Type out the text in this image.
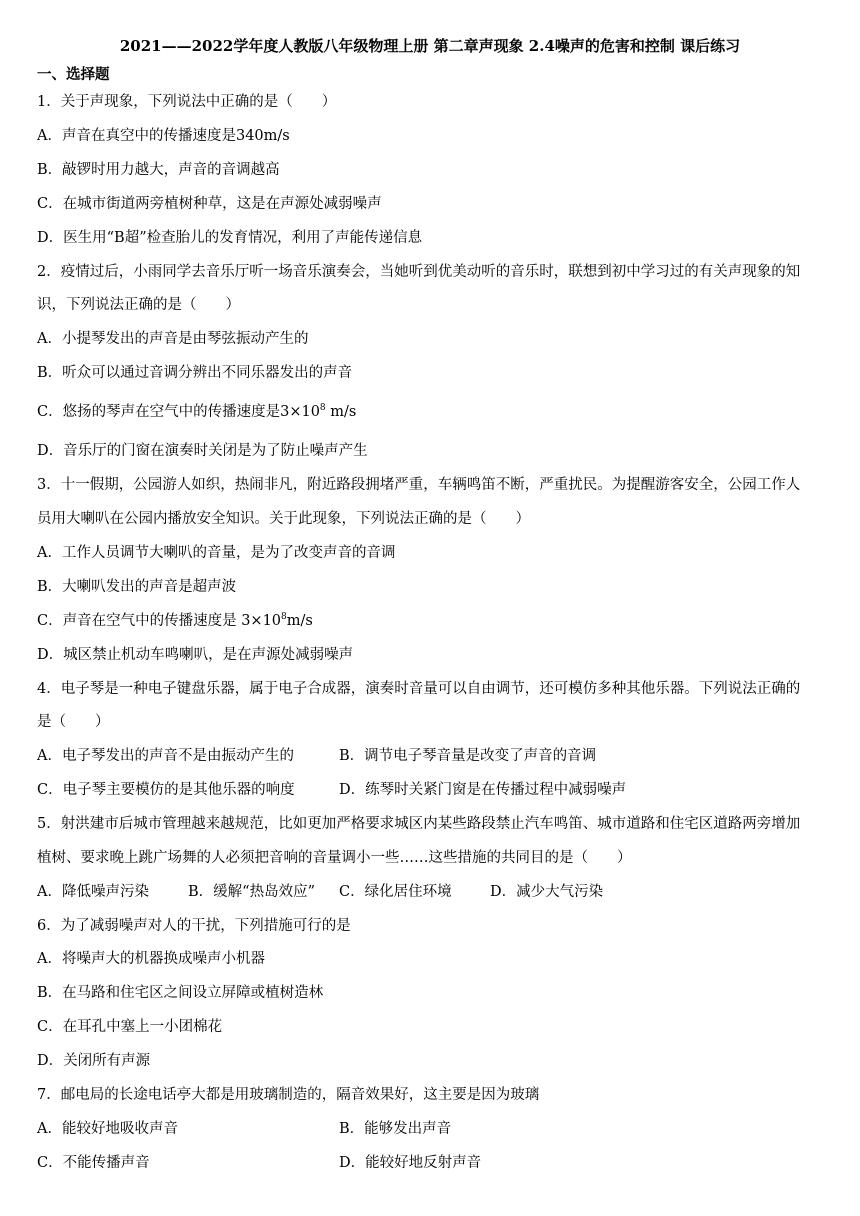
2021——2022学年度人教版八年级物理上册 第二章声现象 2.4噪声的危害和控制 课后练习
一、选择题
1．关于声现象，下列说法中正确的是（　　）
A．声音在真空中的传播速度是340m/s
B．敲锣时用力越大，声音的音调越高
C．在城市街道两旁植树种草，这是在声源处减弱噪声
D．医生用“B超”检查胎儿的发育情况，利用了声能传递信息
2．疫情过后，小雨同学去音乐厅听一场音乐演奏会，当她听到优美动听的音乐时，联想到初中学习过的有关声现象的知
识，下列说法正确的是（　　）
A．小提琴发出的声音是由琴弦振动产生的
B．听众可以通过音调分辨出不同乐器发出的声音
C．悠扬的琴声在空气中的传播速度是$3\times 10^8$ m/s
D．音乐厅的门窗在演奏时关闭是为了防止噪声产生
3．十一假期，公园游人如织，热闹非凡，附近路段拥堵严重，车辆鸣笛不断，严重扰民。为提醒游客安全，公园工作人
员用大喇叭在公园内播放安全知识。关于此现象，下列说法正确的是（　　）
A．工作人员调节大喇叭的音量，是为了改变声音的音调
B．大喇叭发出的声音是超声波
C．声音在空气中的传播速度是 $3\times 10^8m/s$
D．城区禁止机动车鸣喇叭，是在声源处减弱噪声
4．电子琴是一种电子键盘乐器，属于电子合成器，演奏时音量可以自由调节，还可模仿多种其他乐器。下列说法正确的
是（　　）
A．电子琴发出的声音不是由振动产生的	B．调节电子琴音量是改变了声音的音调
C．电子琴主要模仿的是其他乐器的响度	D．练琴时关紧门窗是在传播过程中减弱噪声
5．射洪建市后城市管理越来越规范，比如更加严格要求城区内某些路段禁止汽车鸣笛、城市道路和住宅区道路两旁增加
植树、要求晚上跳广场舞的人必须把音响的音量调小一些……这些措施的共同目的是（　　）
A．降低噪声污染	B．缓解“热岛效应” C．绿化居住环境	D．减少大气污染
6．为了减弱噪声对人的干扰，下列措施可行的是
A．将噪声大的机器换成噪声小机器
B．在马路和住宅区之间设立屏障或植树造林
C．在耳孔中塞上一小团棉花
D．关闭所有声源
7．邮电局的长途电话亭大都是用玻璃制造的，隔音效果好，这主要是因为玻璃
A．能较好地吸收声音	B．能够发出声音
C．不能传播声音	D．能较好地反射声音
